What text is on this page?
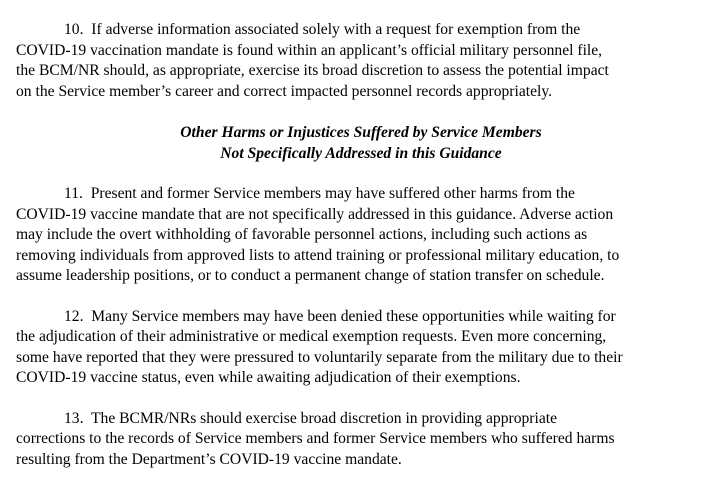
10. If adverse information associated solely with a request for exemption from the
COVID-19 vaccination mandate is found within an applicant’s official military personnel file,
the BCM/NR should, as appropriate, exercise its broad discretion to assess the potential impact
on the Service member’s career and correct impacted personnel records appropriately.
Other Harms or Injustices Suffered by Service Members
Not Specifically Addressed in this Guidance
11. Present and former Service members may have suffered other harms from the
COVID-19 vaccine mandate that are not specifically addressed in this guidance. Adverse action
may include the overt withholding of favorable personnel actions, including such actions as
removing individuals from approved lists to attend training or professional military education, to
assume leadership positions, or to conduct a permanent change of station transfer on schedule.
12. Many Service members may have been denied these opportunities while waiting for
the adjudication of their administrative or medical exemption requests. Even more concerning,
some have reported that they were pressured to voluntarily separate from the military due to their
COVID-19 vaccine status, even while awaiting adjudication of their exemptions.
13. The BCMR/NRs should exercise broad discretion in providing appropriate
corrections to the records of Service members and former Service members who suffered harms
resulting from the Department’s COVID-19 vaccine mandate.
